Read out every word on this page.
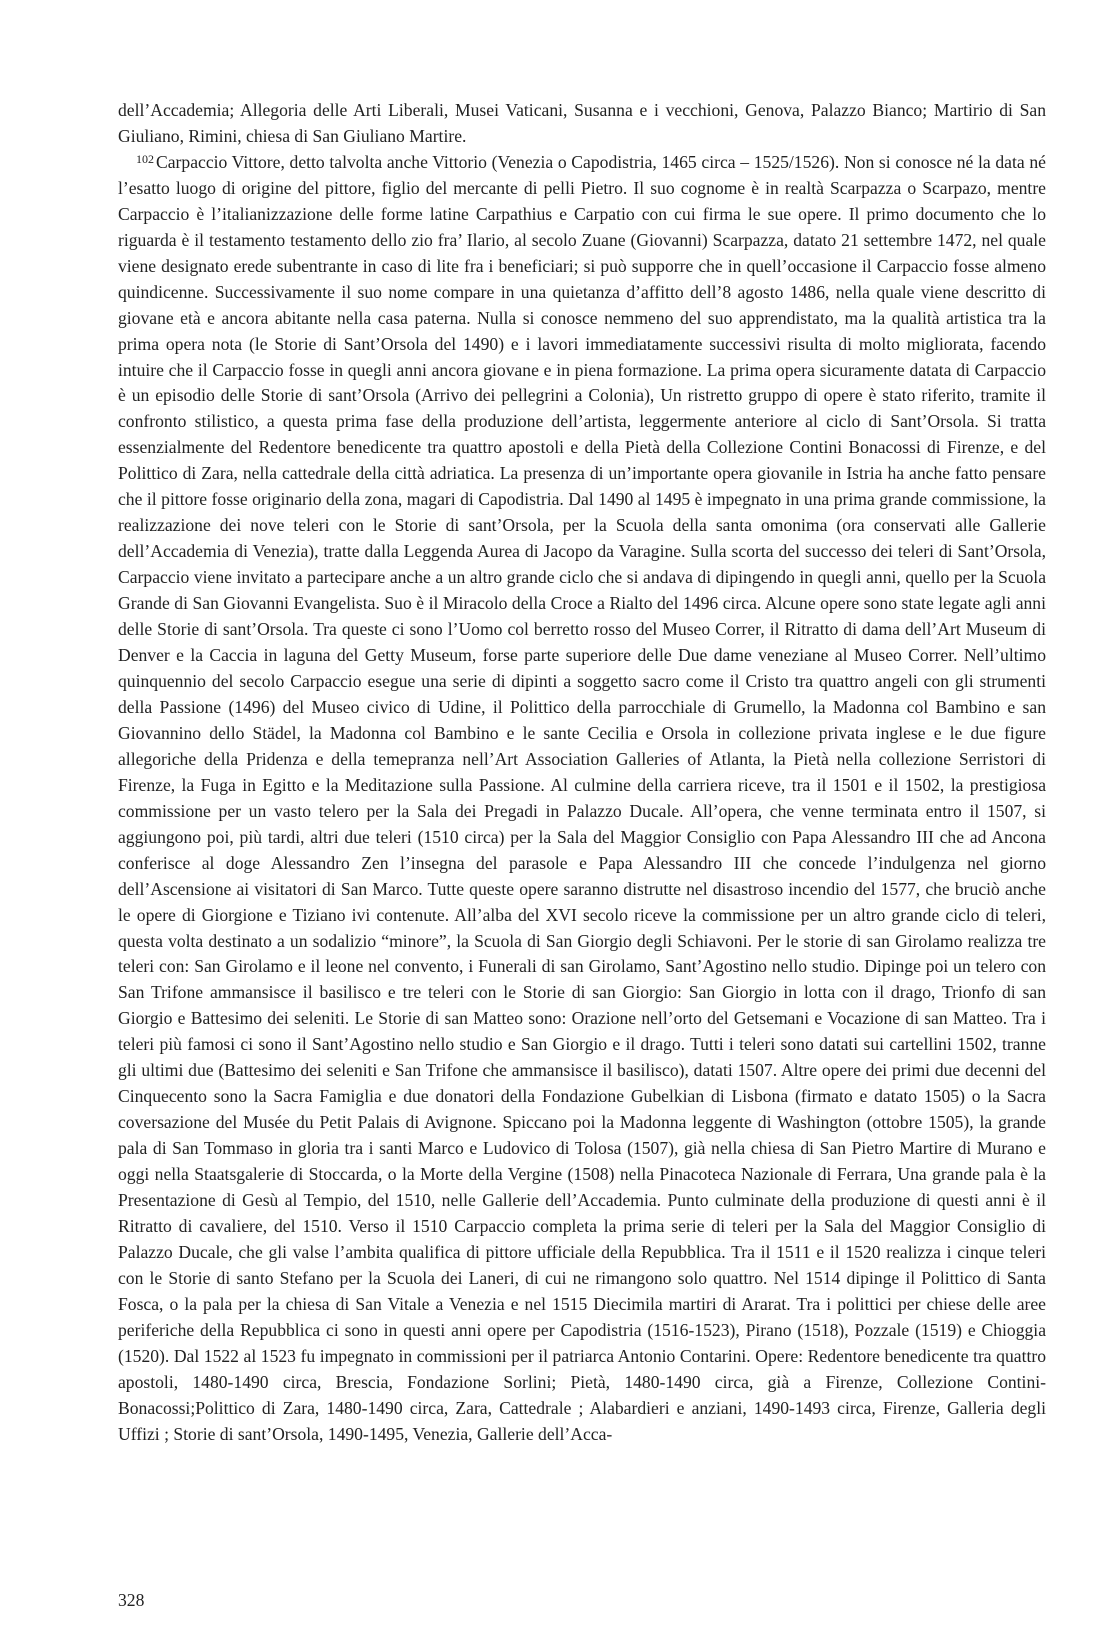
dell’Accademia; Allegoria delle Arti Liberali, Musei Vaticani, Susanna e i vecchioni, Genova, Palazzo Bianco; Martirio di San Giuliano, Rimini, chiesa di San Giuliano Martire.

$^{102}$ Carpaccio Vittore, detto talvolta anche Vittorio (Venezia o Capodistria, 1465 circa – 1525/1526). Non si conosce né la data né l’esatto luogo di origine del pittore, figlio del mercante di pelli Pietro. Il suo cognome è in realtà Scarpazza o Scarpazo, mentre Carpaccio è l’italianizzazione delle forme latine Carpathius e Carpatio con cui firma le sue opere. Il primo documento che lo riguarda è il testamento testamento dello zio fra’ Ilario, al secolo Zuane (Giovanni) Scarpazza, datato 21 settembre 1472, nel quale viene designato erede subentrante in caso di lite fra i beneficiari; si può supporre che in quell’occasione il Carpaccio fosse almeno quindicenne. Successivamente il suo nome compare in una quietanza d’affitto dell’8 agosto 1486, nella quale viene descritto di giovane età e ancora abitante nella casa paterna. Nulla si conosce nemmeno del suo apprendistato, ma la qualità artistica tra la prima opera nota (le Storie di Sant’Orsola del 1490) e i lavori immediatamente successivi risulta di molto migliorata, facendo intuire che il Carpaccio fosse in quegli anni ancora giovane e in piena formazione. La prima opera sicuramente datata di Carpaccio è un episodio delle Storie di sant’Orsola (Arrivo dei pellegrini a Colonia), Un ristretto gruppo di opere è stato riferito, tramite il confronto stilistico, a questa prima fase della produzione dell’artista, leggermente anteriore al ciclo di Sant’Orsola. Si tratta essenzialmente del Redentore benedicente tra quattro apostoli e della Pietà della Collezione Contini Bonacossi di Firenze, e del Polittico di Zara, nella cattedrale della città adriatica. La presenza di un’importante opera giovanile in Istria ha anche fatto pensare che il pittore fosse originario della zona, magari di Capodistria. Dal 1490 al 1495 è impegnato in una prima grande commissione, la realizzazione dei nove teleri con le Storie di sant’Orsola, per la Scuola della santa omonima (ora conservati alle Gallerie dell’Accademia di Venezia), tratte dalla Leggenda Aurea di Jacopo da Varagine. Sulla scorta del successo dei teleri di Sant’Orsola, Carpaccio viene invitato a partecipare anche a un altro grande ciclo che si andava di dipingendo in quegli anni, quello per la Scuola Grande di San Giovanni Evangelista. Suo è il Miracolo della Croce a Rialto del 1496 circa. Alcune opere sono state legate agli anni delle Storie di sant’Orsola. Tra queste ci sono l’Uomo col berretto rosso del Museo Correr, il Ritratto di dama dell’Art Museum di Denver e la Caccia in laguna del Getty Museum, forse parte superiore delle Due dame veneziane al Museo Correr. Nell’ultimo quinquennio del secolo Carpaccio esegue una serie di dipinti a soggetto sacro come il Cristo tra quattro angeli con gli strumenti della Passione (1496) del Museo civico di Udine, il Polittico della parrocchiale di Grumello, la Madonna col Bambino e san Giovannino dello Städel, la Madonna col Bambino e le sante Cecilia e Orsola in collezione privata inglese e le due figure allegoriche della Pridenza e della temepranza nell’Art Association Galleries of Atlanta, la Pietà nella collezione Serristori di Firenze, la Fuga in Egitto e la Meditazione sulla Passione. Al culmine della carriera riceve, tra il 1501 e il 1502, la prestigiosa commissione per un vasto telero per la Sala dei Pregadi in Palazzo Ducale. All’opera, che venne terminata entro il 1507, si aggiungono poi, più tardi, altri due teleri (1510 circa) per la Sala del Maggior Consiglio con Papa Alessandro III che ad Ancona conferisce al doge Alessandro Zen l’insegna del parasole e Papa Alessandro III che concede l’indulgenza nel giorno dell’Ascensione ai visitatori di San Marco. Tutte queste opere saranno distrutte nel disastroso incendio del 1577, che bruciò anche le opere di Giorgione e Tiziano ivi contenute. All’alba del XVI secolo riceve la commissione per un altro grande ciclo di teleri, questa volta destinato a un sodalizio “minore”, la Scuola di San Giorgio degli Schiavoni. Per le storie di san Girolamo realizza tre teleri con: San Girolamo e il leone nel convento, i Funerali di san Girolamo, Sant’Agostino nello studio. Dipinge poi un telero con San Trifone ammansisce il basilisco e tre teleri con le Storie di san Giorgio: San Giorgio in lotta con il drago, Trionfo di san Giorgio e Battesimo dei seleniti. Le Storie di san Matteo sono: Orazione nell’orto del Getsemani e Vocazione di san Matteo. Tra i teleri più famosi ci sono il Sant’Agostino nello studio e San Giorgio e il drago. Tutti i teleri sono datati sui cartellini 1502, tranne gli ultimi due (Battesimo dei seleniti e San Trifone che ammansisce il basilisco), datati 1507. Altre opere dei primi due decenni del Cinquecento sono la Sacra Famiglia e due donatori della Fondazione Gubelkian di Lisbona (firmato e datato 1505) o la Sacra coversazione del Musée du Petit Palais di Avignone. Spiccano poi la Madonna leggente di Washington (ottobre 1505), la grande pala di San Tommaso in gloria tra i santi Marco e Ludovico di Tolosa (1507), già nella chiesa di San Pietro Martire di Murano e oggi nella Staatsgalerie di Stoccarda, o la Morte della Vergine (1508) nella Pinacoteca Nazionale di Ferrara, Una grande pala è la Presentazione di Gesù al Tempio, del 1510, nelle Gallerie dell’Accademia. Punto culminate della produzione di questi anni è il Ritratto di cavaliere, del 1510. Verso il 1510 Carpaccio completa la prima serie di teleri per la Sala del Maggior Consiglio di Palazzo Ducale, che gli valse l’ambita qualifica di pittore ufficiale della Repubblica. Tra il 1511 e il 1520 realizza i cinque teleri con le Storie di santo Stefano per la Scuola dei Laneri, di cui ne rimangono solo quattro. Nel 1514 dipinge il Polittico di Santa Fosca, o la pala per la chiesa di San Vitale a Venezia e nel 1515 Diecimila martiri di Ararat. Tra i polittici per chiese delle aree periferiche della Repubblica ci sono in questi anni opere per Capodistria (1516-1523), Pirano (1518), Pozzale (1519) e Chioggia (1520). Dal 1522 al 1523 fu impegnato in commissioni per il patriarca Antonio Contarini. Opere: Redentore benedicente tra quattro apostoli, 1480-1490 circa, Brescia, Fondazione Sorlini; Pietà, 1480-1490 circa, già a Firenze, Collezione Contini-Bonacossi;Polittico di Zara, 1480-1490 circa, Zara, Cattedrale ; Alabardieri e anziani, 1490-1493 circa, Firenze, Galleria degli Uffizi ; Storie di sant’Orsola, 1490-1495, Venezia, Gallerie dell’Acca-

328
